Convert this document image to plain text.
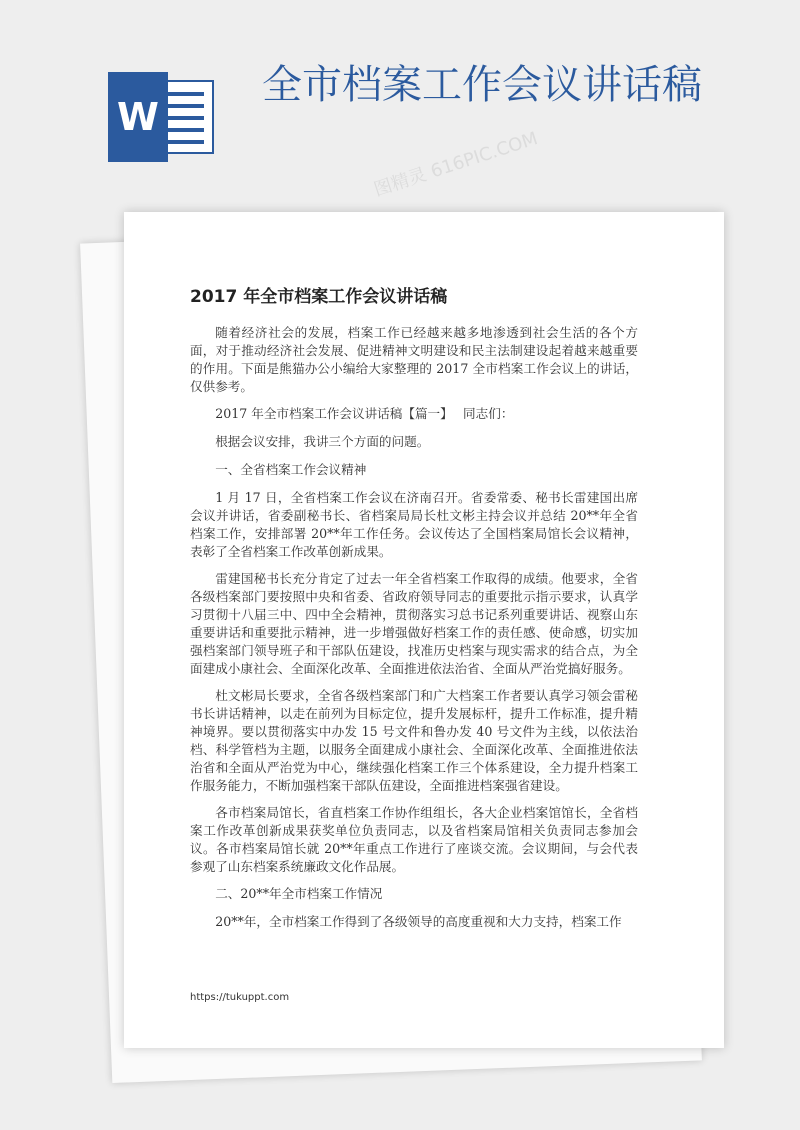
W
全市档案工作会议讲话稿
2017 年全市档案工作会议讲话稿

随着经济社会的发展，档案工作已经越来越多地渗透到社会生活的各个方面，对于推动经济社会发展、促进精神文明建设和民主法制建设起着越来越重要的作用。下面是熊猫办公小编给大家整理的 2017 全市档案工作会议上的讲话，仅供参考。

2017 年全市档案工作会议讲话稿【篇一】　 同志们：

根据会议安排，我讲三个方面的问题。

一、全省档案工作会议精神

1 月 17 日，全省档案工作会议在济南召开。省委常委、秘书长雷建国出席会议并讲话，省委副秘书长、省档案局局长杜文彬主持会议并总结 20**年全省档案工作，安排部署 20**年工作任务。会议传达了全国档案局馆长会议精神，表彰了全省档案工作改革创新成果。

雷建国秘书长充分肯定了过去一年全省档案工作取得的成绩。他要求，全省各级档案部门要按照中央和省委、省政府领导同志的重要批示指示要求，认真学习贯彻十八届三中、四中全会精神，贯彻落实习总书记系列重要讲话、视察山东重要讲话和重要批示精神，进一步增强做好档案工作的责任感、使命感，切实加强档案部门领导班子和干部队伍建设，找准历史档案与现实需求的结合点，为全面建成小康社会、全面深化改革、全面推进依法治省、全面从严治党搞好服务。

杜文彬局长要求，全省各级档案部门和广大档案工作者要认真学习领会雷秘书长讲话精神，以走在前列为目标定位，提升发展标杆，提升工作标准，提升精神境界。要以贯彻落实中办发 15 号文件和鲁办发 40 号文件为主线，以依法治档、科学管档为主题，以服务全面建成小康社会、全面深化改革、全面推进依法治省和全面从严治党为中心，继续强化档案工作三个体系建设，全力提升档案工作服务能力，不断加强档案干部队伍建设，全面推进档案强省建设。

各市档案局馆长，省直档案工作协作组组长，各大企业档案馆馆长，全省档案工作改革创新成果获奖单位负责同志，以及省档案局馆相关负责同志参加会议。各市档案局馆长就 20**年重点工作进行了座谈交流。会议期间，与会代表参观了山东档案系统廉政文化作品展。

二、20**年全市档案工作情况

20**年，全市档案工作得到了各级领导的高度重视和大力支持，档案工作

https://tukuppt.com
图精灵 616PIC.COM
